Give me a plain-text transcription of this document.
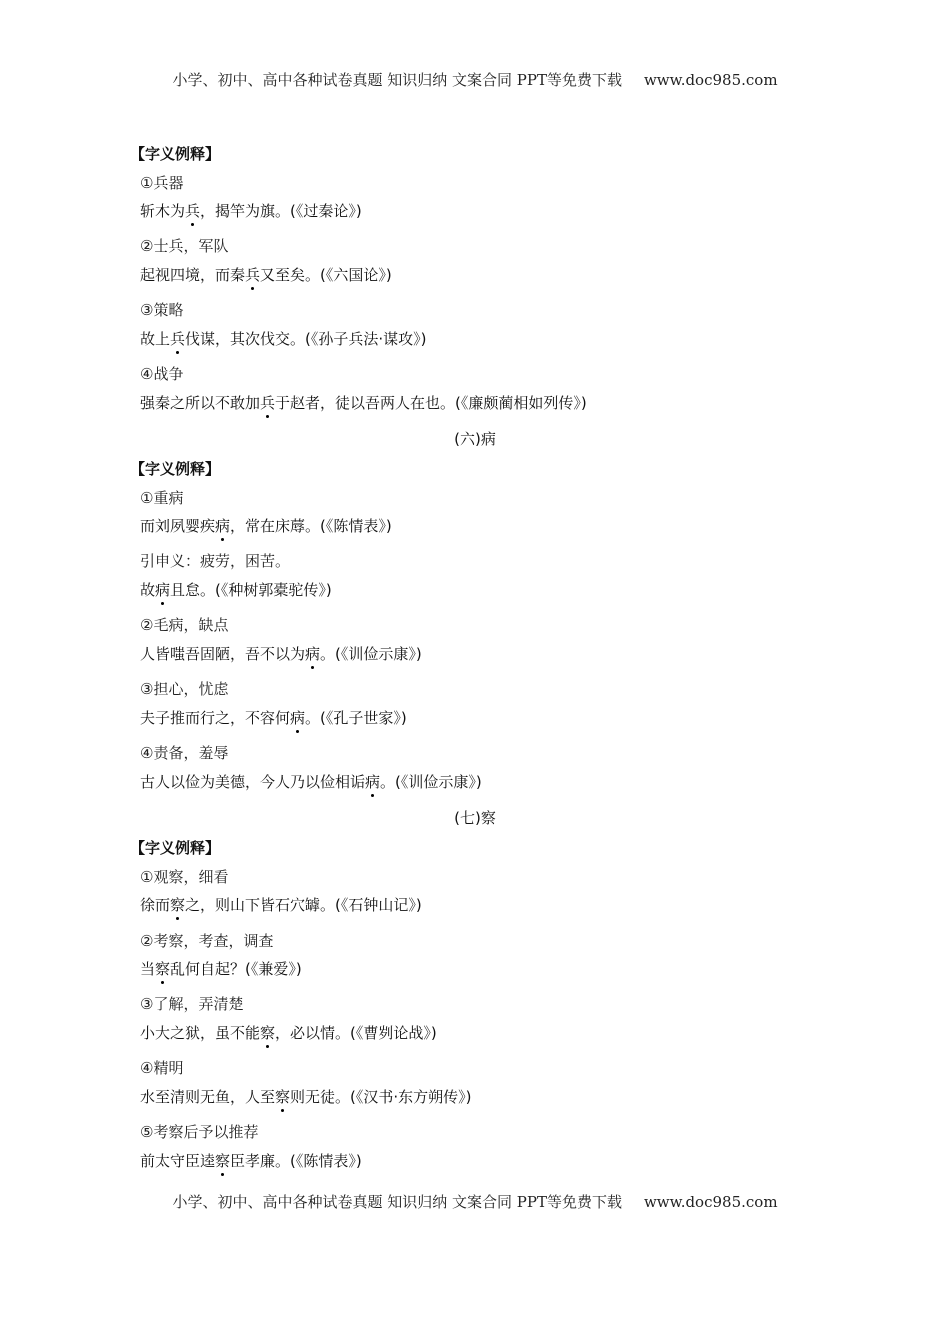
小学、初中、高中各种试卷真题 知识归纳 文案合同 PPT等免费下载 www.doc985.com
【字义例释】
①兵器
斩木为兵，揭竿为旗。(《过秦论》)
②士兵，军队
起视四境，而秦兵又至矣。(《六国论》)
③策略
故上兵伐谋，其次伐交。(《孙子兵法·谋攻》)
④战争
强秦之所以不敢加兵于赵者，徒以吾两人在也。(《廉颇蔺相如列传》)
(六)病
【字义例释】
①重病
而刘夙婴疾病，常在床蓐。(《陈情表》)
引申义：疲劳，困苦。
故病且怠。(《种树郭橐驼传》)
②毛病，缺点
人皆嗤吾固陋，吾不以为病。(《训俭示康》)
③担心，忧虑
夫子推而行之，不容何病。(《孔子世家》)
④责备，羞辱
古人以俭为美德，今人乃以俭相诟病。(《训俭示康》)
(七)察
【字义例释】
①观察，细看
徐而察之，则山下皆石穴罅。(《石钟山记》)
②考察，考查，调查
当察乱何自起？(《兼爱》)
③了解，弄清楚
小大之狱，虽不能察，必以情。(《曹刿论战》)
④精明
水至清则无鱼，人至察则无徒。(《汉书·东方朔传》)
⑤考察后予以推荐
前太守臣逵察臣孝廉。(《陈情表》)
小学、初中、高中各种试卷真题 知识归纳 文案合同 PPT等免费下载 www.doc985.com
